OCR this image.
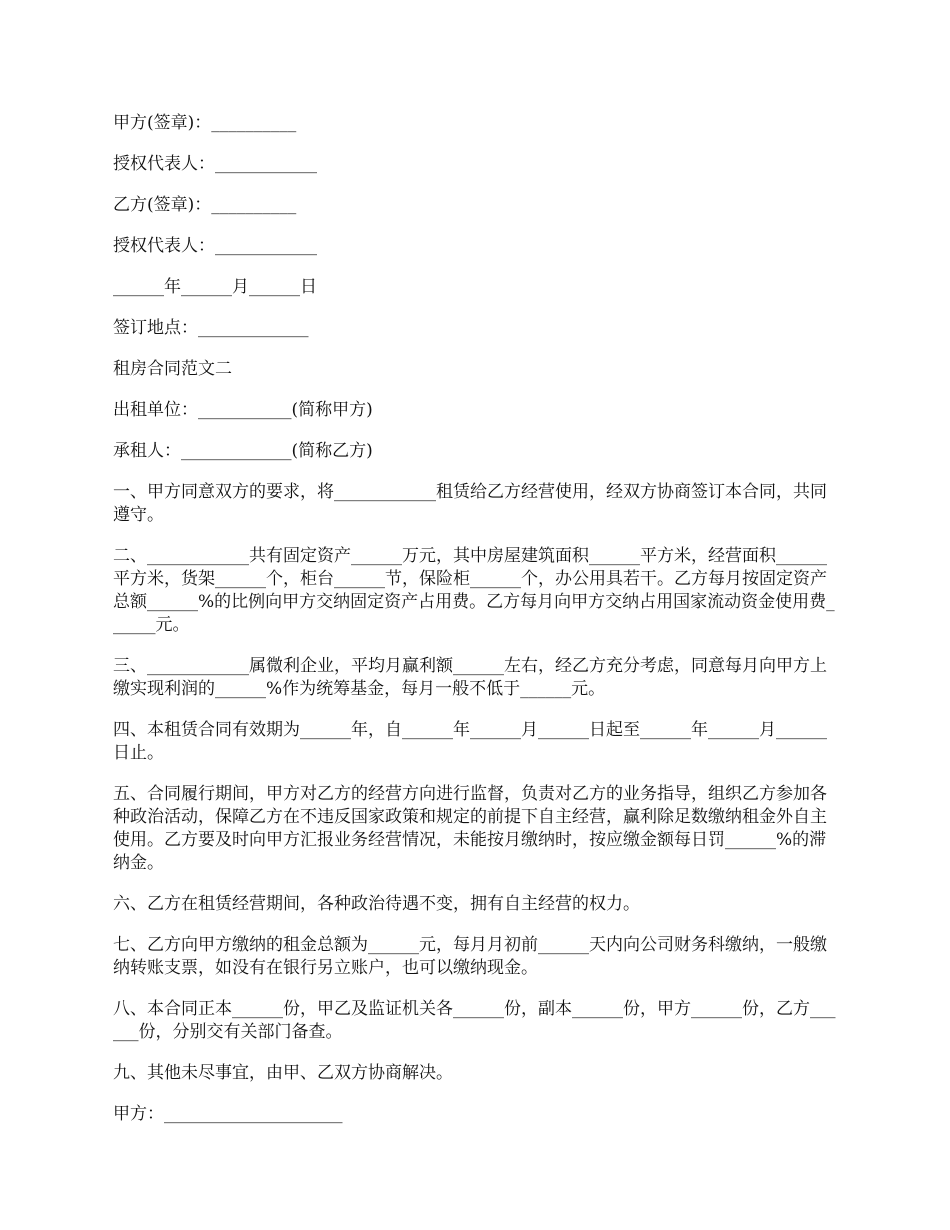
甲方(签章)：__________

授权代表人：____________

乙方(签章)：__________

授权代表人：____________

______年______月______日

签订地点：_____________

租房合同范文二

出租单位：___________(简称甲方)

承租人：_____________(简称乙方)

一、甲方同意双方的要求，将____________租赁给乙方经营使用，经双方协商签订本合同，共同遵守。

二、____________共有固定资产______万元，其中房屋建筑面积______平方米，经营面积______平方米，货架______个，柜台______节，保险柜______个，办公用具若干。乙方每月按固定资产总额______%的比例向甲方交纳固定资产占用费。乙方每月向甲方交纳占用国家流动资金使用费______元。

三、____________属微利企业，平均月赢利额______左右，经乙方充分考虑，同意每月向甲方上缴实现利润的______%作为统筹基金，每月一般不低于______元。

四、本租赁合同有效期为______年，自______年______月______日起至______年______月______日止。

五、合同履行期间，甲方对乙方的经营方向进行监督，负责对乙方的业务指导，组织乙方参加各种政治活动，保障乙方在不违反国家政策和规定的前提下自主经营，赢利除足数缴纳租金外自主使用。乙方要及时向甲方汇报业务经营情况，未能按月缴纳时，按应缴金额每日罚______%的滞纳金。

六、乙方在租赁经营期间，各种政治待遇不变，拥有自主经营的权力。

七、乙方向甲方缴纳的租金总额为______元，每月月初前______天内向公司财务科缴纳，一般缴纳转账支票，如没有在银行另立账户，也可以缴纳现金。

八、本合同正本______份，甲乙及监证机关各______份，副本______份，甲方______份，乙方______份，分别交有关部门备查。

九、其他未尽事宜，由甲、乙双方协商解决。

甲方：_____________________
